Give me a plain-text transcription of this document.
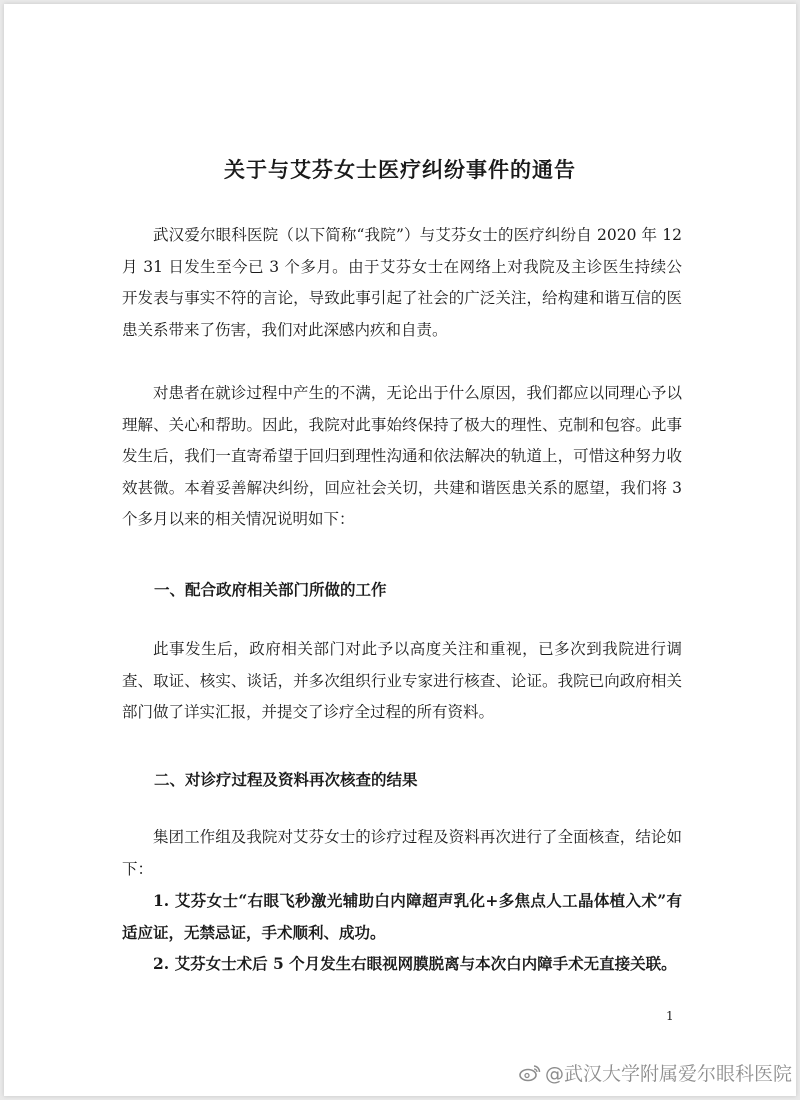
关于与艾芬女士医疗纠纷事件的通告

武汉爱尔眼科医院（以下简称“我院”）与艾芬女士的医疗纠纷自 2020 年 12 月 31 日发生至今已 3 个多月。由于艾芬女士在网络上对我院及主诊医生持续公开发表与事实不符的言论，导致此事引起了社会的广泛关注，给构建和谐互信的医患关系带来了伤害，我们对此深感内疚和自责。

对患者在就诊过程中产生的不满，无论出于什么原因，我们都应以同理心予以理解、关心和帮助。因此，我院对此事始终保持了极大的理性、克制和包容。此事发生后，我们一直寄希望于回归到理性沟通和依法解决的轨道上，可惜这种努力收效甚微。本着妥善解决纠纷，回应社会关切，共建和谐医患关系的愿望，我们将 3 个多月以来的相关情况说明如下：

一、配合政府相关部门所做的工作

此事发生后，政府相关部门对此予以高度关注和重视，已多次到我院进行调查、取证、核实、谈话，并多次组织行业专家进行核查、论证。我院已向政府相关部门做了详实汇报，并提交了诊疗全过程的所有资料。

二、对诊疗过程及资料再次核查的结果

集团工作组及我院对艾芬女士的诊疗过程及资料再次进行了全面核查，结论如下：

1. 艾芬女士“右眼飞秒激光辅助白内障超声乳化+多焦点人工晶体植入术”有适应证，无禁忌证，手术顺利、成功。

2. 艾芬女士术后 5 个月发生右眼视网膜脱离与本次白内障手术无直接关联。

1
@武汉大学附属爱尔眼科医院
